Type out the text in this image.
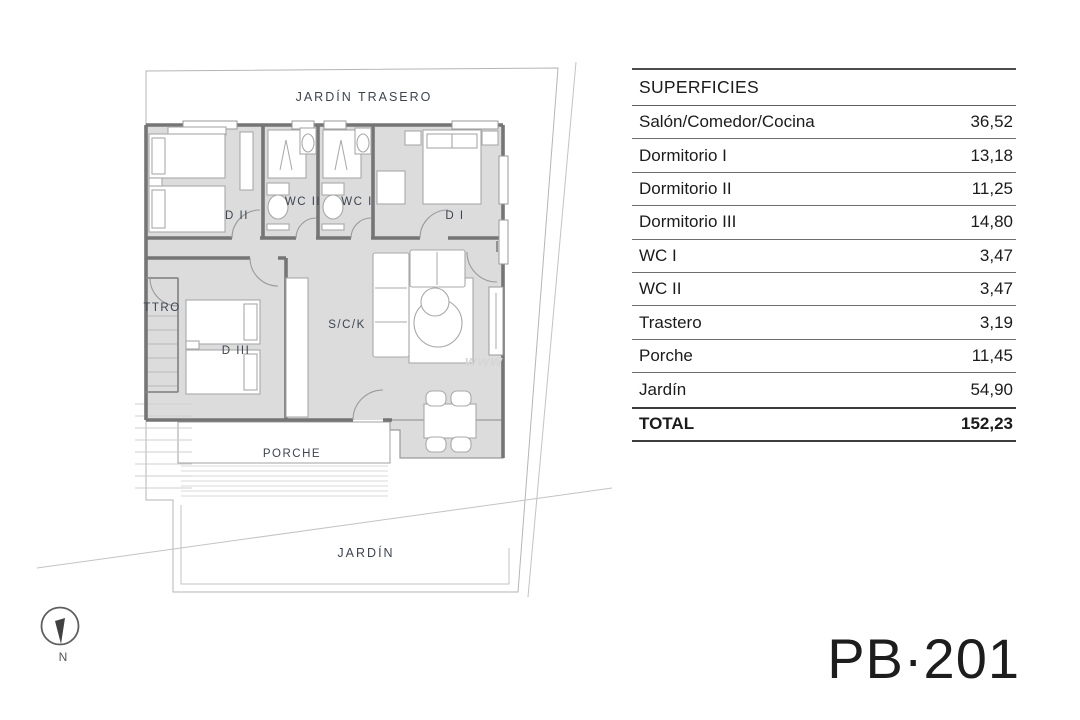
JARDÍN TRASERO
D II
WC II WC I
D I
TTRO
D III
S/C/K
PORCHE
JARDÍN
www
N
SUPERFICIES
Salón/Comedor/Cocina	36,52
Dormitorio I	13,18
Dormitorio II	11,25
Dormitorio III	14,80
WC I	3,47
WC II	3,47
Trastero	3,19
Porche	11,45
Jardín	54,90
TOTAL	152,23
PB·201
